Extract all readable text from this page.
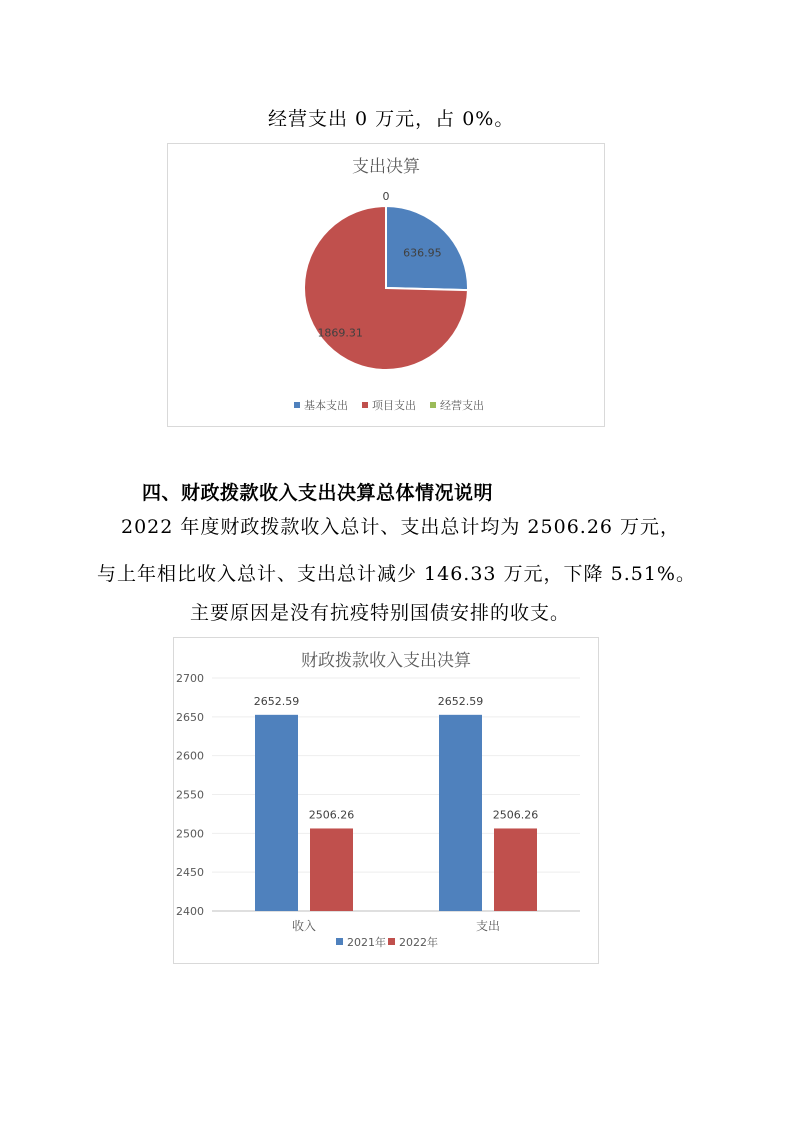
经营支出 0 万元，占 0%。
支出决算
636.95
1869.31
0
基本支出 项目支出 经营支出
四、财政拨款收入支出决算总体情况说明
2022 年度财政拨款收入总计、支出总计均为 2506.26 万元，
与上年相比收入总计、支出总计减少 146.33 万元，下降 5.51%。
主要原因是没有抗疫特别国债安排的收支。
财政拨款收入支出决算
2400
2450
2500
2550
2600
2650
2700
2652.59
2506.26
2652.59
2506.26
收入	支出
2021年 2022年
